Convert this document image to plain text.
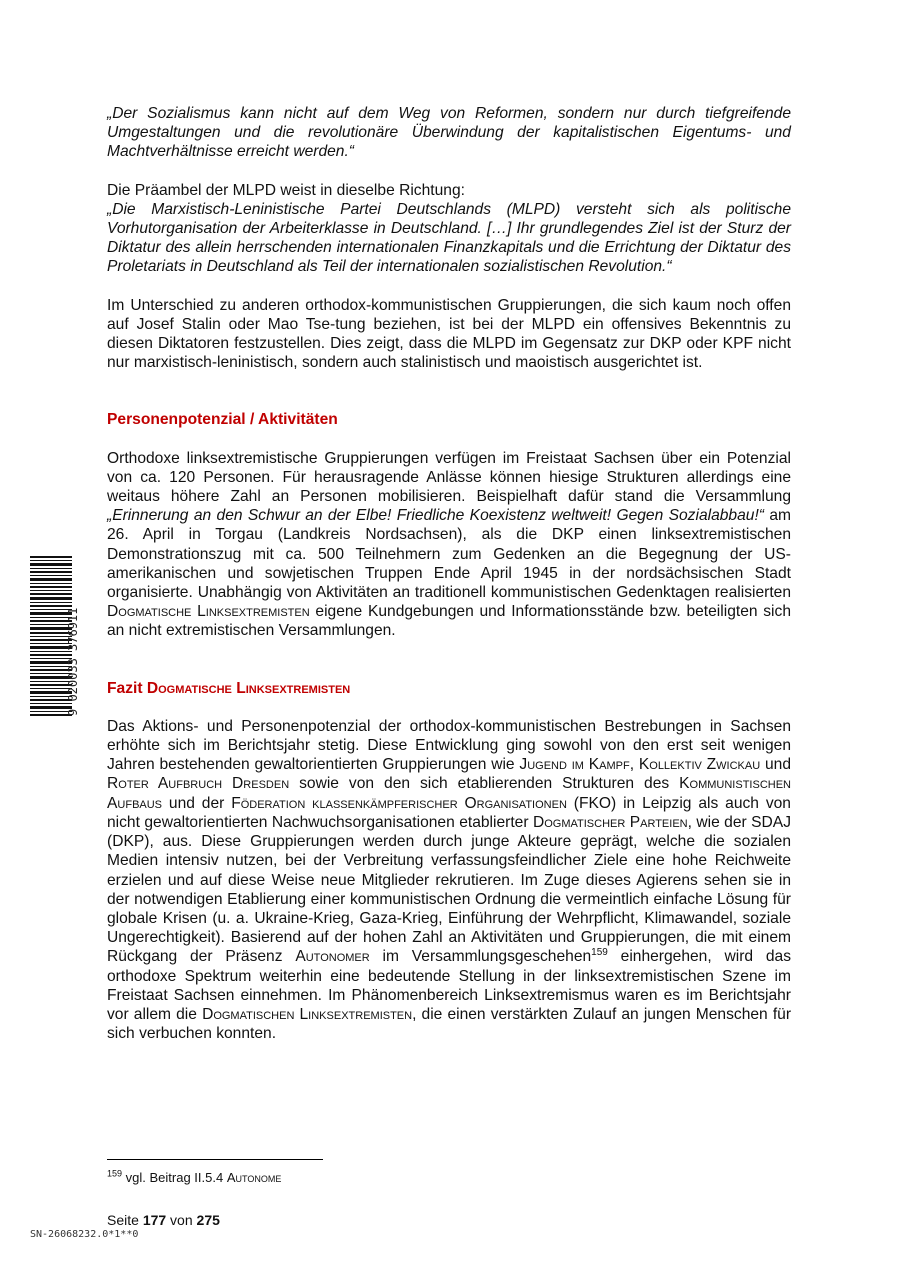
„Der Sozialismus kann nicht auf dem Weg von Reformen, sondern nur durch tiefgreifende Umgestaltungen und die revolutionäre Überwindung der kapitalistischen Eigentums- und Machtverhältnisse erreicht werden.“

Die Präambel der MLPD weist in dieselbe Richtung:

„Die Marxistisch-Leninistische Partei Deutschlands (MLPD) versteht sich als politische Vorhutorganisation der Arbeiterklasse in Deutschland. […] Ihr grundlegendes Ziel ist der Sturz der Diktatur des allein herrschenden internationalen Finanzkapitals und die Errichtung der Diktatur des Proletariats in Deutschland als Teil der internationalen sozialistischen Revolution.“

Im Unterschied zu anderen orthodox-kommunistischen Gruppierungen, die sich kaum noch offen auf Josef Stalin oder Mao Tse-tung beziehen, ist bei der MLPD ein offensives Bekenntnis zu diesen Diktatoren festzustellen. Dies zeigt, dass die MLPD im Gegensatz zur DKP oder KPF nicht nur marxistisch-leninistisch, sondern auch stalinistisch und maoistisch ausgerichtet ist.

Personenpotenzial / Aktivitäten

Orthodoxe linksextremistische Gruppierungen verfügen im Freistaat Sachsen über ein Potenzial von ca. 120 Personen. Für herausragende Anlässe können hiesige Strukturen allerdings eine weitaus höhere Zahl an Personen mobilisieren. Beispielhaft dafür stand die Versammlung „Erinnerung an den Schwur an der Elbe! Friedliche Koexistenz weltweit! Gegen Sozialabbau!“ am 26. April in Torgau (Landkreis Nordsachsen), als die DKP einen linksextremistischen Demonstrationszug mit ca. 500 Teilnehmern zum Gedenken an die Begegnung der US-amerikanischen und sowjetischen Truppen Ende April 1945 in der nordsächsischen Stadt organisierte. Unabhängig von Aktivitäten an traditionell kommunistischen Gedenktagen realisierten Dogmatische Linksextremisten eigene Kundgebungen und Informationsstände bzw. beteiligten sich an nicht extremistischen Versammlungen.

Fazit Dogmatische Linksextremisten

Das Aktions- und Personenpotenzial der orthodox-kommunistischen Bestrebungen in Sachsen erhöhte sich im Berichtsjahr stetig. Diese Entwicklung ging sowohl von den erst seit wenigen Jahren bestehenden gewaltorientierten Gruppierungen wie Jugend im Kampf, Kollektiv Zwickau und Roter Aufbruch Dresden sowie von den sich etablierenden Strukturen des Kommunistischen Aufbaus und der Föderation klassenkämpferischer Organisationen (FKO) in Leipzig als auch von nicht gewaltorientierten Nachwuchsorganisationen etablierter Dogmatischer Parteien, wie der SDAJ (DKP), aus. Diese Gruppierungen werden durch junge Akteure geprägt, welche die sozialen Medien intensiv nutzen, bei der Verbreitung verfassungsfeindlicher Ziele eine hohe Reichweite erzielen und auf diese Weise neue Mitglieder rekrutieren. Im Zuge dieses Agierens sehen sie in der notwendigen Etablierung einer kommunistischen Ordnung die vermeintlich einfache Lösung für globale Krisen (u. a. Ukraine-Krieg, Gaza-Krieg, Einführung der Wehrpflicht, Klimawandel, soziale Ungerechtigkeit). Basierend auf der hohen Zahl an Aktivitäten und Gruppierungen, die mit einem Rückgang der Präsenz Autonomer im Versammlungsgeschehen$^{159}$ einhergehen, wird das orthodoxe Spektrum weiterhin eine bedeutende Stellung in der linksextremistischen Szene im Freistaat Sachsen einnehmen. Im Phänomenbereich Linksextremismus waren es im Berichtsjahr vor allem die Dogmatischen Linksextremisten, die einen verstärkten Zulauf an jungen Menschen für sich verbuchen konnten.

$^{159}$ vgl. Beitrag II.5.4 Autonome
Seite 177 von 275
SN-26068232.0*1**0
9 020033 376911
